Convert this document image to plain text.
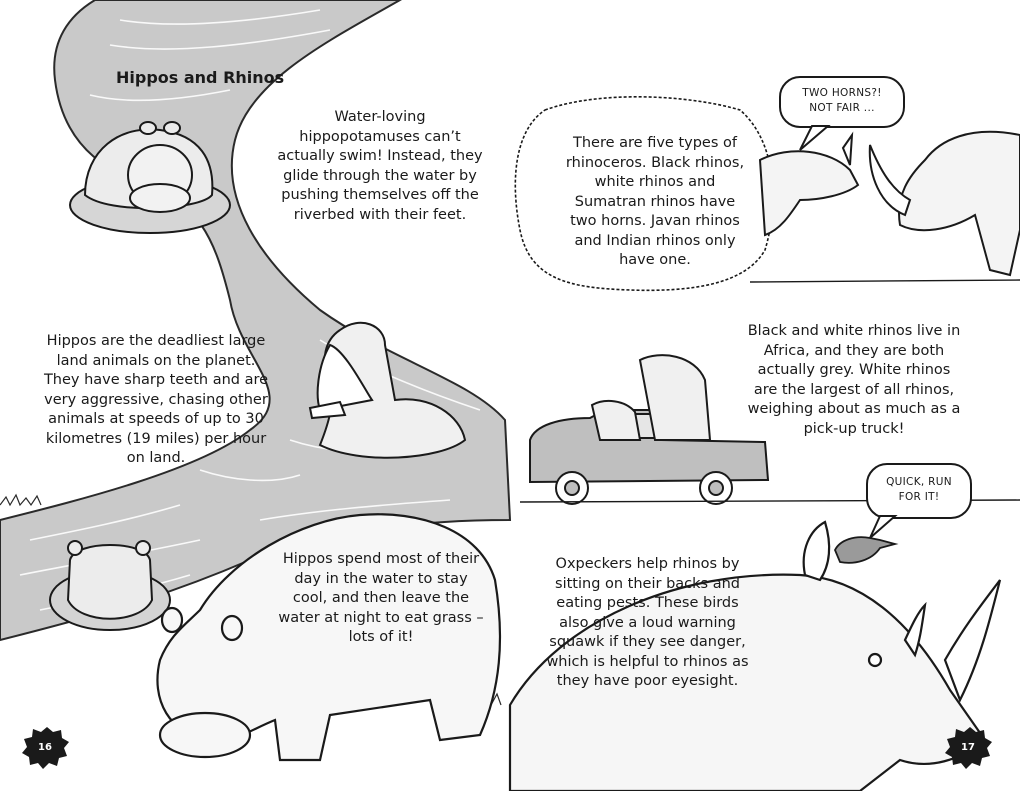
Hippos and Rhinos
Water-loving hippopotamuses can’t actually swim! Instead, they glide through the water by pushing themselves off the riverbed with their feet.
Hippos are the deadliest large land animals on the planet. They have sharp teeth and are very aggressive, chasing other animals at speeds of up to 30 kilometres (19 miles) per hour on land.
Hippos spend most of their day in the water to stay cool, and then leave the water at night to eat grass – lots of it!
16
There are five types of rhinoceros. Black rhinos, white rhinos and Sumatran rhinos have two horns. Javan rhinos and Indian rhinos only have one.
TWO HORNS?! NOT FAIR ...
Black and white rhinos live in Africa, and they are both actually grey. White rhinos are the largest of all rhinos, weighing about as much as a pick-up truck!
QUICK, RUN FOR IT!
Oxpeckers help rhinos by sitting on their backs and eating pests. These birds also give a loud warning squawk if they see danger, which is helpful to rhinos as they have poor eyesight.
17
